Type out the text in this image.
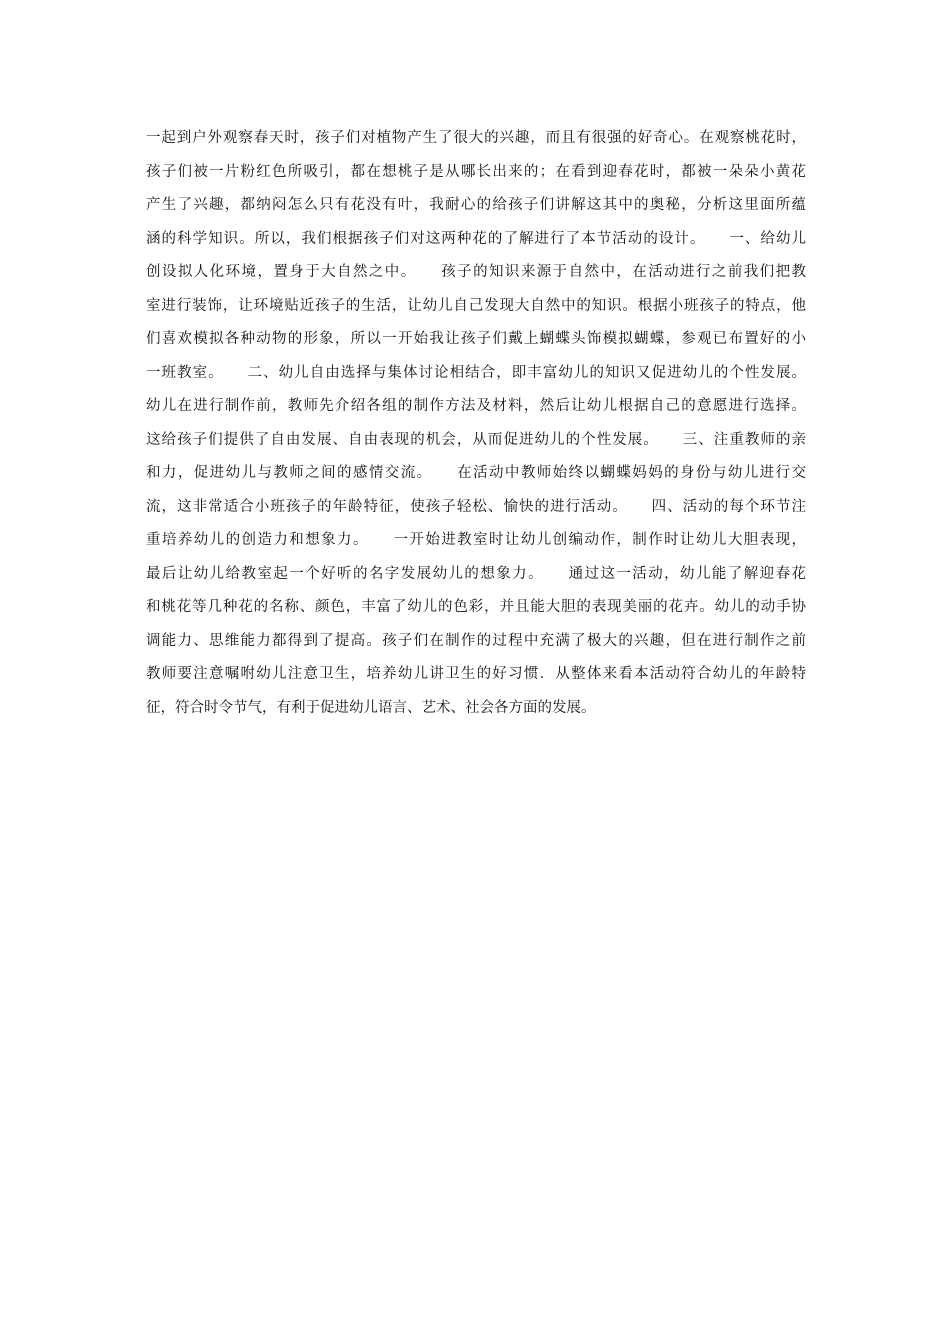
一起到户外观察春天时，孩子们对植物产生了很大的兴趣，而且有很强的好奇心。在观察桃花时，
孩子们被一片粉红色所吸引，都在想桃子是从哪长出来的；在看到迎春花时，都被一朵朵小黄花
产生了兴趣，都纳闷怎么只有花没有叶，我耐心的给孩子们讲解这其中的奥秘，分析这里面所蕴
涵的科学知识。所以，我们根据孩子们对这两种花的了解进行了本节活动的设计。　　一、给幼儿
创设拟人化环境，置身于大自然之中。　　孩子的知识来源于自然中，在活动进行之前我们把教
室进行装饰，让环境贴近孩子的生活，让幼儿自己发现大自然中的知识。根据小班孩子的特点，他
们喜欢模拟各种动物的形象，所以一开始我让孩子们戴上蝴蝶头饰模拟蝴蝶，参观已布置好的小
一班教室。　　二、幼儿自由选择与集体讨论相结合，即丰富幼儿的知识又促进幼儿的个性发展。
幼儿在进行制作前，教师先介绍各组的制作方法及材料，然后让幼儿根据自己的意愿进行选择。
这给孩子们提供了自由发展、自由表现的机会，从而促进幼儿的个性发展。　　三、注重教师的亲
和力，促进幼儿与教师之间的感情交流。　　在活动中教师始终以蝴蝶妈妈的身份与幼儿进行交
流，这非常适合小班孩子的年龄特征，使孩子轻松、愉快的进行活动。　　四、活动的每个环节注
重培养幼儿的创造力和想象力。　　一开始进教室时让幼儿创编动作，制作时让幼儿大胆表现，
最后让幼儿给教室起一个好听的名字发展幼儿的想象力。　　通过这一活动，幼儿能了解迎春花
和桃花等几种花的名称、颜色，丰富了幼儿的色彩，并且能大胆的表现美丽的花卉。幼儿的动手协
调能力、思维能力都得到了提高。孩子们在制作的过程中充满了极大的兴趣，但在进行制作之前
教师要注意嘱咐幼儿注意卫生，培养幼儿讲卫生的好习惯．从整体来看本活动符合幼儿的年龄特
征，符合时令节气，有利于促进幼儿语言、艺术、社会各方面的发展。
